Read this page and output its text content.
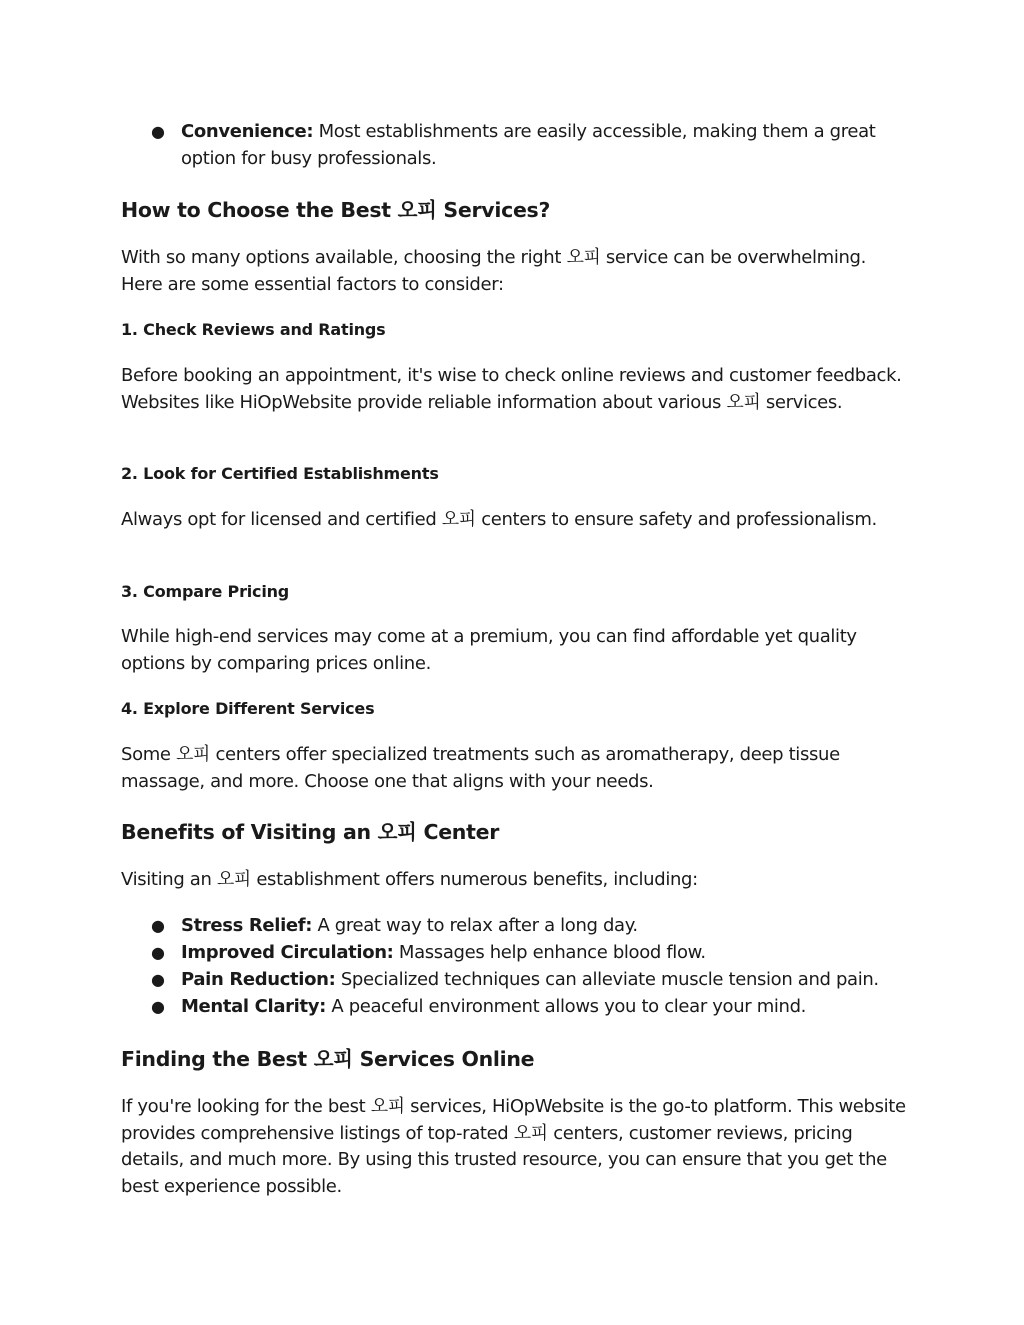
● Convenience: Most establishments are easily accessible, making them a great option for busy professionals.
How to Choose the Best 오피 Services?

With so many options available, choosing the right 오피 service can be overwhelming. Here are some essential factors to consider:

1. Check Reviews and Ratings

Before booking an appointment, it's wise to check online reviews and customer feedback. Websites like HiOpWebsite provide reliable information about various 오피 services.

2. Look for Certified Establishments

Always opt for licensed and certified 오피 centers to ensure safety and professionalism.

3. Compare Pricing

While high-end services may come at a premium, you can find affordable yet quality options by comparing prices online.

4. Explore Different Services

Some 오피 centers offer specialized treatments such as aromatherapy, deep tissue massage, and more. Choose one that aligns with your needs.

Benefits of Visiting an 오피 Center

Visiting an 오피 establishment offers numerous benefits, including:

● Stress Relief: A great way to relax after a long day.
● Improved Circulation: Massages help enhance blood flow.
● Pain Reduction: Specialized techniques can alleviate muscle tension and pain.
● Mental Clarity: A peaceful environment allows you to clear your mind.
Finding the Best 오피 Services Online

If you're looking for the best 오피 services, HiOpWebsite is the go-to platform. This website provides comprehensive listings of top-rated 오피 centers, customer reviews, pricing details, and much more. By using this trusted resource, you can ensure that you get the best experience possible.
